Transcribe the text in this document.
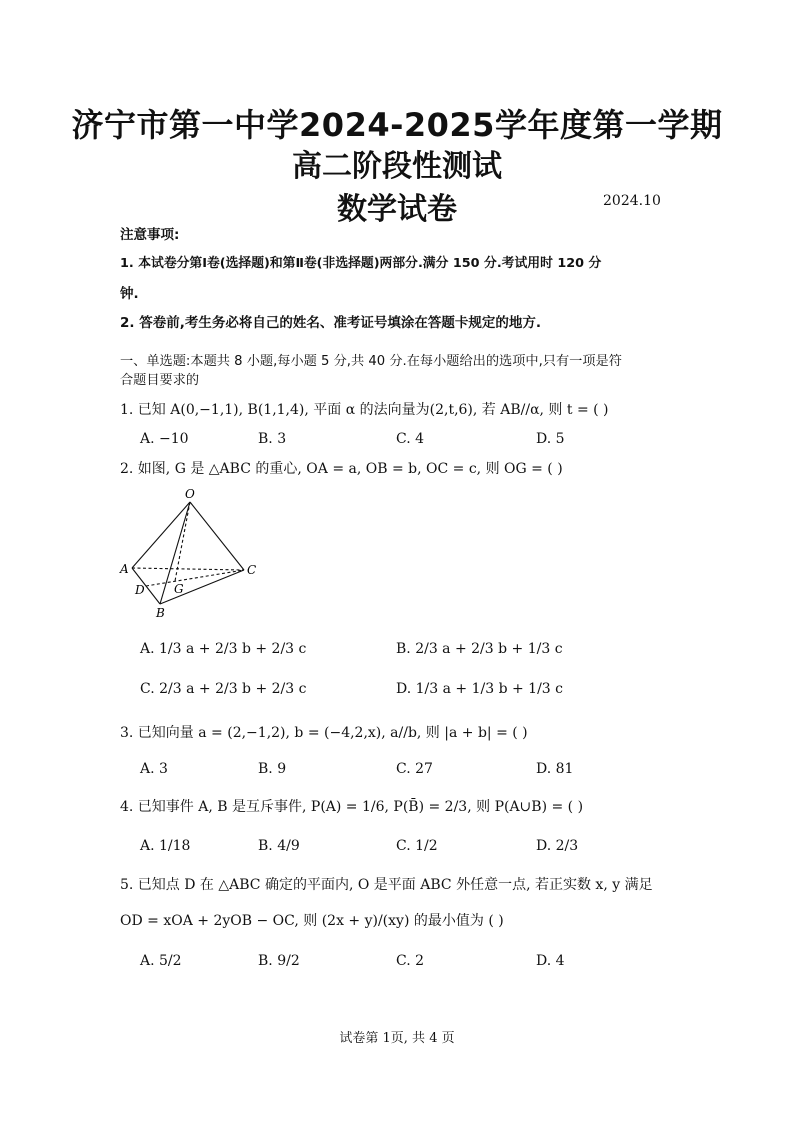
济宁市第一中学2024-2025学年度第一学期
高二阶段性测试
数学试卷	2024.10
注意事项:
1. 本试卷分第Ⅰ卷(选择题)和第Ⅱ卷(非选择题)两部分.满分 150 分.考试用时 120 分
钟.
2. 答卷前,考生务必将自己的姓名、准考证号填涂在答题卡规定的地方.
一、单选题:本题共 8 小题,每小题 5 分,共 40 分.在每小题给出的选项中,只有一项是符
合题目要求的
1. 已知 A(0,−1,1), B(1,1,4), 平面 α 的法向量为(2,t,6), 若 AB//α, 则 t = ( )
A. −10	B. 3	C. 4	D. 5
2. 如图, G 是 △ABC 的重心, OA = a, OB = b, OC = c, 则 OG = ( )
O
A	C
D G
B
A. 1/3 a + 2/3 b + 2/3 c	B. 2/3 a + 2/3 b + 1/3 c
C. 2/3 a + 2/3 b + 2/3 c	D. 1/3 a + 1/3 b + 1/3 c
3. 已知向量 a = (2,−1,2), b = (−4,2,x), a//b, 则 |a + b| = ( )
A. 3	B. 9	C. 27	D. 81
4. 已知事件 A, B 是互斥事件, P(A) = 1/6, P(B̄) = 2/3, 则 P(A∪B) = ( )
A. 1/18	B. 4/9	C. 1/2	D. 2/3
5. 已知点 D 在 △ABC 确定的平面内, O 是平面 ABC 外任意一点, 若正实数 x, y 满足
OD = xOA + 2yOB − OC, 则 (2x + y)/(xy) 的最小值为 ( )
A. 5/2	B. 9/2	C. 2	D. 4
试卷第 1页, 共 4 页
